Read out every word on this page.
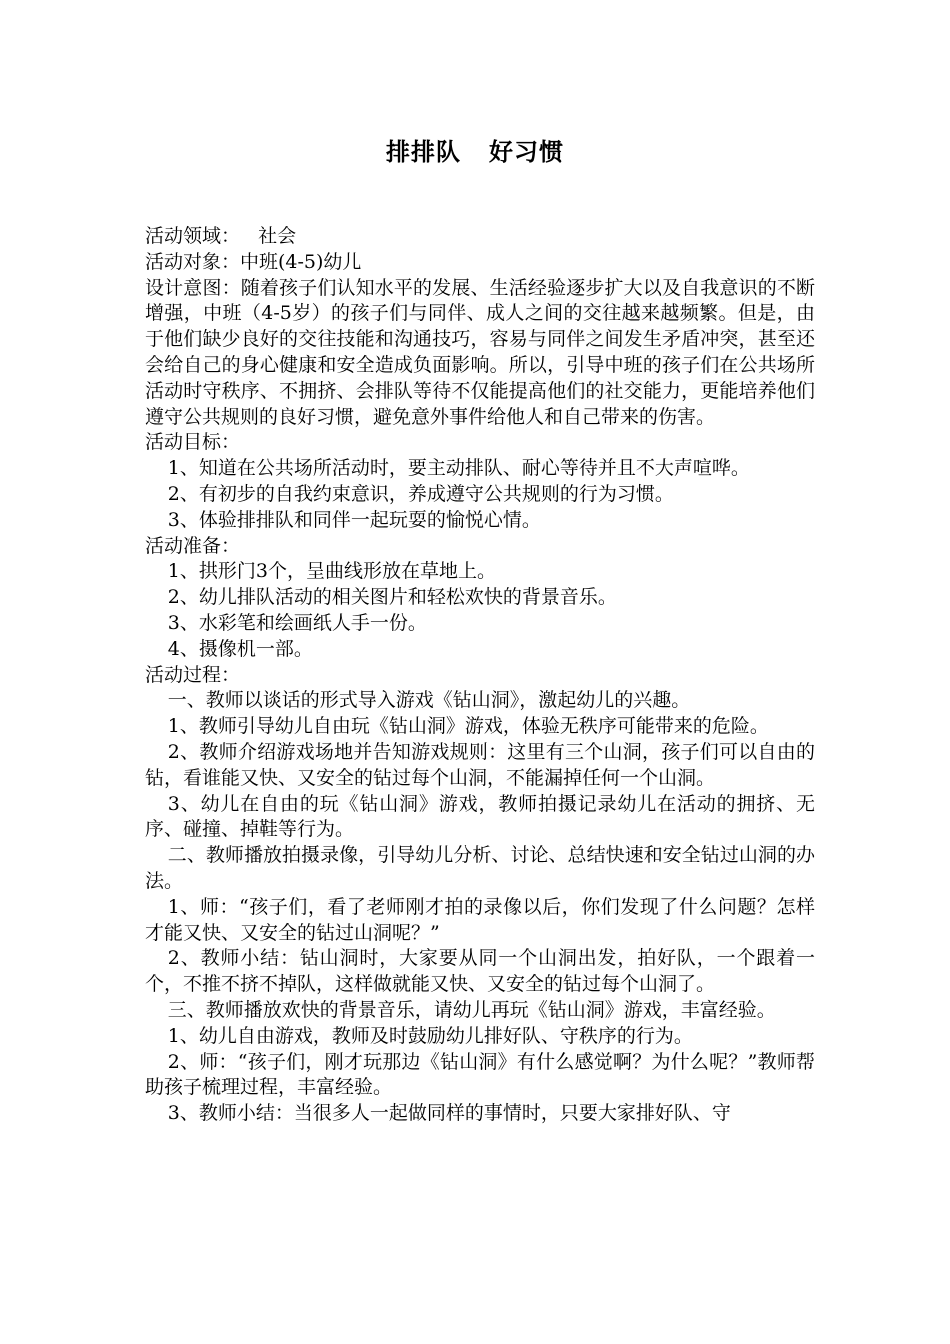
排排队   好习惯

活动领域：   社会

活动对象：中班(4-5)幼儿

设计意图：随着孩子们认知水平的发展、生活经验逐步扩大以及自我意识的不断增强，中班（4-5岁）的孩子们与同伴、成人之间的交往越来越频繁。但是，由于他们缺少良好的交往技能和沟通技巧，容易与同伴之间发生矛盾冲突，甚至还会给自己的身心健康和安全造成负面影响。所以，引导中班的孩子们在公共场所活动时守秩序、不拥挤、会排队等待不仅能提高他们的社交能力，更能培养他们遵守公共规则的良好习惯，避免意外事件给他人和自己带来的伤害。

活动目标：

1、知道在公共场所活动时，要主动排队、耐心等待并且不大声喧哗。

2、有初步的自我约束意识，养成遵守公共规则的行为习惯。

3、体验排排队和同伴一起玩耍的愉悦心情。

活动准备：

1、拱形门3个，呈曲线形放在草地上。

2、幼儿排队活动的相关图片和轻松欢快的背景音乐。

3、水彩笔和绘画纸人手一份。

4、摄像机一部。

活动过程：

一、教师以谈话的形式导入游戏《钻山洞》，激起幼儿的兴趣。

1、教师引导幼儿自由玩《钻山洞》游戏，体验无秩序可能带来的危险。

2、教师介绍游戏场地并告知游戏规则：这里有三个山洞，孩子们可以自由的钻，看谁能又快、又安全的钻过每个山洞，不能漏掉任何一个山洞。

3、幼儿在自由的玩《钻山洞》游戏，教师拍摄记录幼儿在活动的拥挤、无序、碰撞、掉鞋等行为。

二、教师播放拍摄录像，引导幼儿分析、讨论、总结快速和安全钻过山洞的办法。

1、师：“孩子们，看了老师刚才拍的录像以后，你们发现了什么问题？怎样才能又快、又安全的钻过山洞呢？”

2、教师小结：钻山洞时，大家要从同一个山洞出发，拍好队，一个跟着一个，不推不挤不掉队，这样做就能又快、又安全的钻过每个山洞了。

三、教师播放欢快的背景音乐，请幼儿再玩《钻山洞》游戏，丰富经验。

1、幼儿自由游戏，教师及时鼓励幼儿排好队、守秩序的行为。

2、师：“孩子们，刚才玩那边《钻山洞》有什么感觉啊？为什么呢？”教师帮助孩子梳理过程，丰富经验。

3、教师小结：当很多人一起做同样的事情时，只要大家排好队、守
